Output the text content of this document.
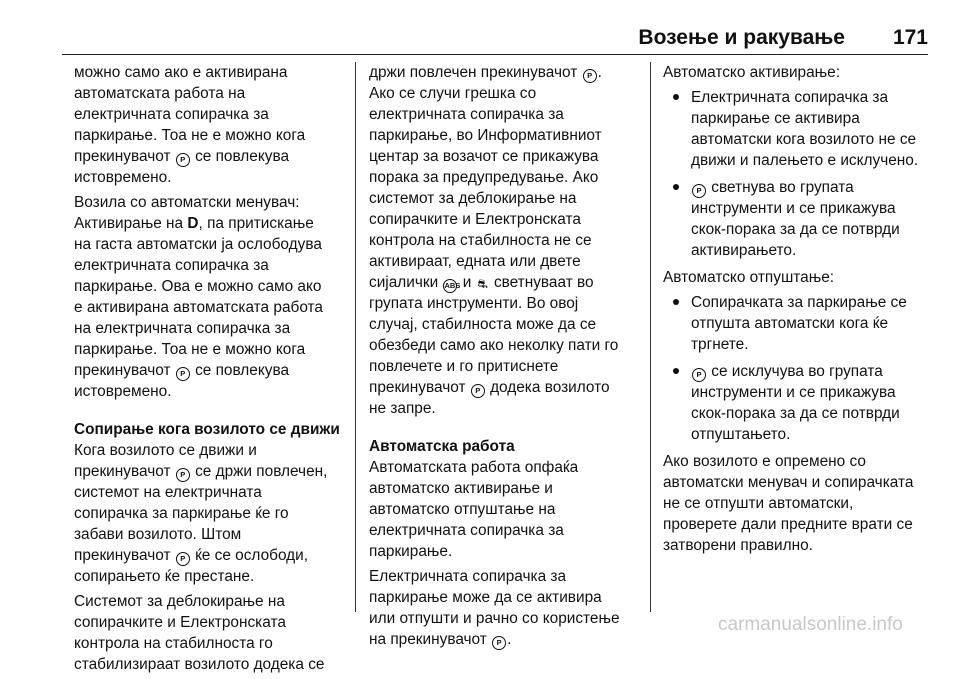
Возење и ракување 171
можно само ако е активирана
автоматската работа на
електричната сопирачка за
паркирање. Тоа не е можно кога
прекинувачот P се повлекува
истовремено.
Возила со автоматски менувач:
Активирање на D, па притискање
на гаста автоматски ја ослободува
електричната сопирачка за
паркирање. Ова е можно само ако
е активирана автоматската работа
на електричната сопирачка за
паркирање. Тоа не е можно кога
прекинувачот P се повлекува
истовремено.
Сопирање кога возилото се движи
Кога возилото се движи и
прекинувачот P се држи повлечен,
системот на електричната
сопирачка за паркирање ќе го
забави возилото. Штом
прекинувачот P ќе се ослободи,
сопирањето ќе престане.
Системот за деблокирање на
сопирачките и Електронската
контрола на стабилноста го
стабилизираат возилото додека се
држи повлечен прекинувачот P .
Ако се случи грешка со
електричната сопирачка за
паркирање, во Информативниот
центар за возачот се прикажува
порака за предупредување. Ако
системот за деблокирање на
сопирачките и Електронската
контрола на стабилноста не се
активираат, едната или двете
сијалички ABS и ⛐ светнуваат во
групата инструменти. Во овој
случај, стабилноста може да се
обезбеди само ако неколку пати го
повлечете и го притиснете
прекинувачот P додека возилото
не запре.
Автоматска работа
Автоматската работа опфаќа
автоматско активирање и
автоматско отпуштање на
електричната сопирачка за
паркирање.
Електричната сопирачка за
паркирање може да се активира
или отпушти и рачно со користење
на прекинувачот P .
Автоматско активирање:
Електричната сопирачка за
паркирање се активира
автоматски кога возилото не се
движи и палењето е исклучено.
P светнува во групата
инструменти и се прикажува
скок-порака за да се потврди
активирањето.
Автоматско отпуштање:
Сопирачката за паркирање се
отпушта автоматски кога ќе
тргнете.
P се исклучува во групата
инструменти и се прикажува
скок-порака за да се потврди
отпуштањето.
Ако возилото е опремено со
автоматски менувач и сопирачката
не се отпушти автоматски,
проверете дали предните врати се
затворени правилно.
carmanualsonline.info
